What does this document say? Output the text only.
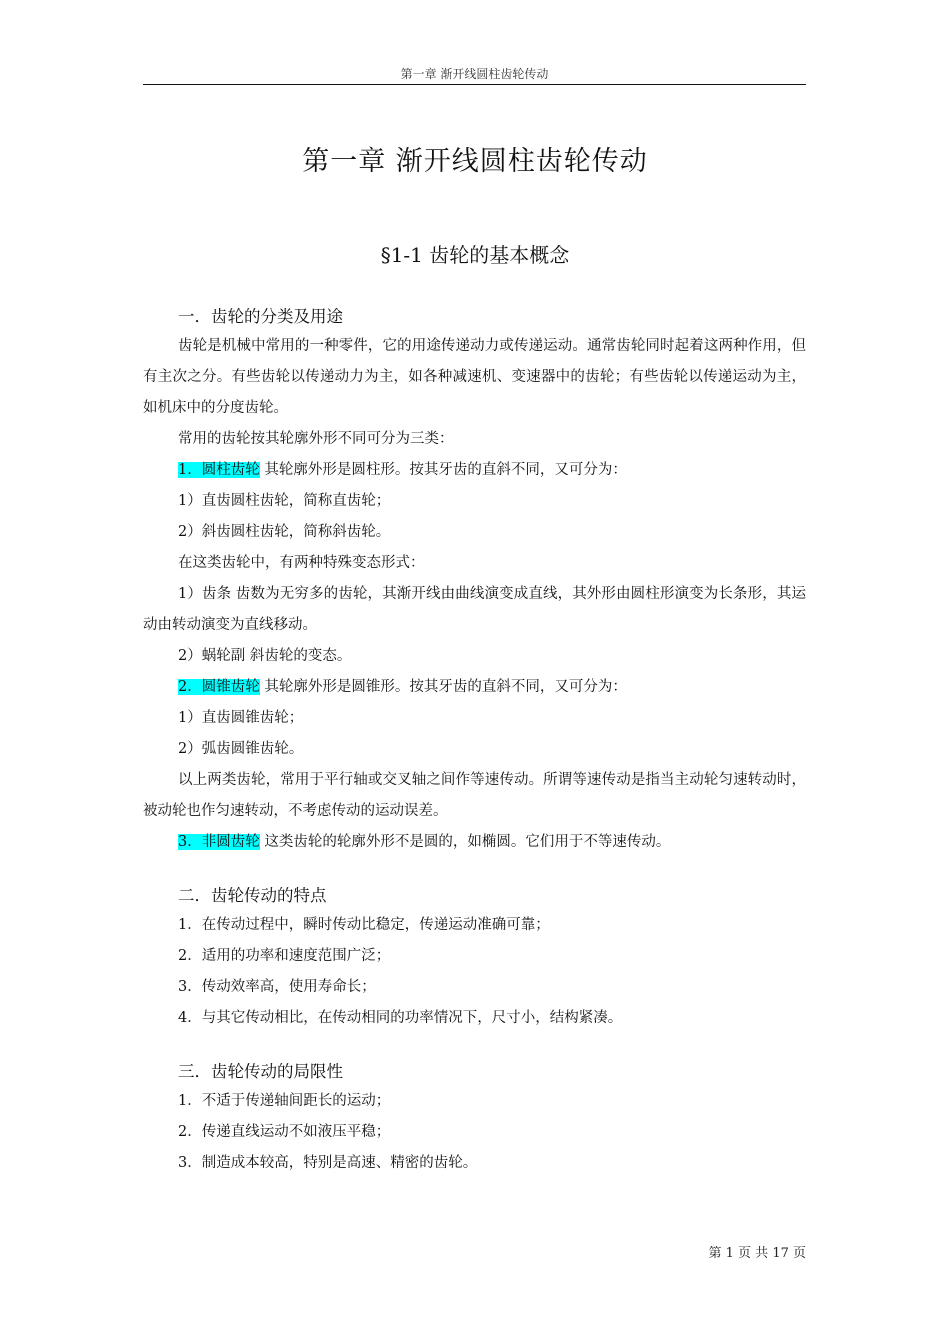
第一章 渐开线圆柱齿轮传动
第一章 渐开线圆柱齿轮传动
§1-1 齿轮的基本概念

一．齿轮的分类及用途

齿轮是机械中常用的一种零件，它的用途传递动力或传递运动。通常齿轮同时起着这两种作用，但有主次之分。有些齿轮以传递动力为主，如各种减速机、变速器中的齿轮；有些齿轮以传递运动为主，如机床中的分度齿轮。

常用的齿轮按其轮廓外形不同可分为三类：

1．圆柱齿轮 其轮廓外形是圆柱形。按其牙齿的直斜不同，又可分为：

1）直齿圆柱齿轮，简称直齿轮；

2）斜齿圆柱齿轮，简称斜齿轮。

在这类齿轮中，有两种特殊变态形式：

1）齿条 齿数为无穷多的齿轮，其渐开线由曲线演变成直线，其外形由圆柱形演变为长条形，其运动由转动演变为直线移动。

2）蜗轮副 斜齿轮的变态。

2．圆锥齿轮 其轮廓外形是圆锥形。按其牙齿的直斜不同，又可分为：

1）直齿圆锥齿轮；

2）弧齿圆锥齿轮。

以上两类齿轮，常用于平行轴或交叉轴之间作等速传动。所谓等速传动是指当主动轮匀速转动时，被动轮也作匀速转动，不考虑传动的运动误差。

3．非圆齿轮 这类齿轮的轮廓外形不是圆的，如椭圆。它们用于不等速传动。

二．齿轮传动的特点

1．在传动过程中，瞬时传动比稳定，传递运动准确可靠；

2．适用的功率和速度范围广泛；

3．传动效率高，使用寿命长；

4．与其它传动相比，在传动相同的功率情况下，尺寸小，结构紧凑。

三．齿轮传动的局限性

1．不适于传递轴间距长的运动；

2．传递直线运动不如液压平稳；

3．制造成本较高，特别是高速、精密的齿轮。

第 1 页 共 17 页
